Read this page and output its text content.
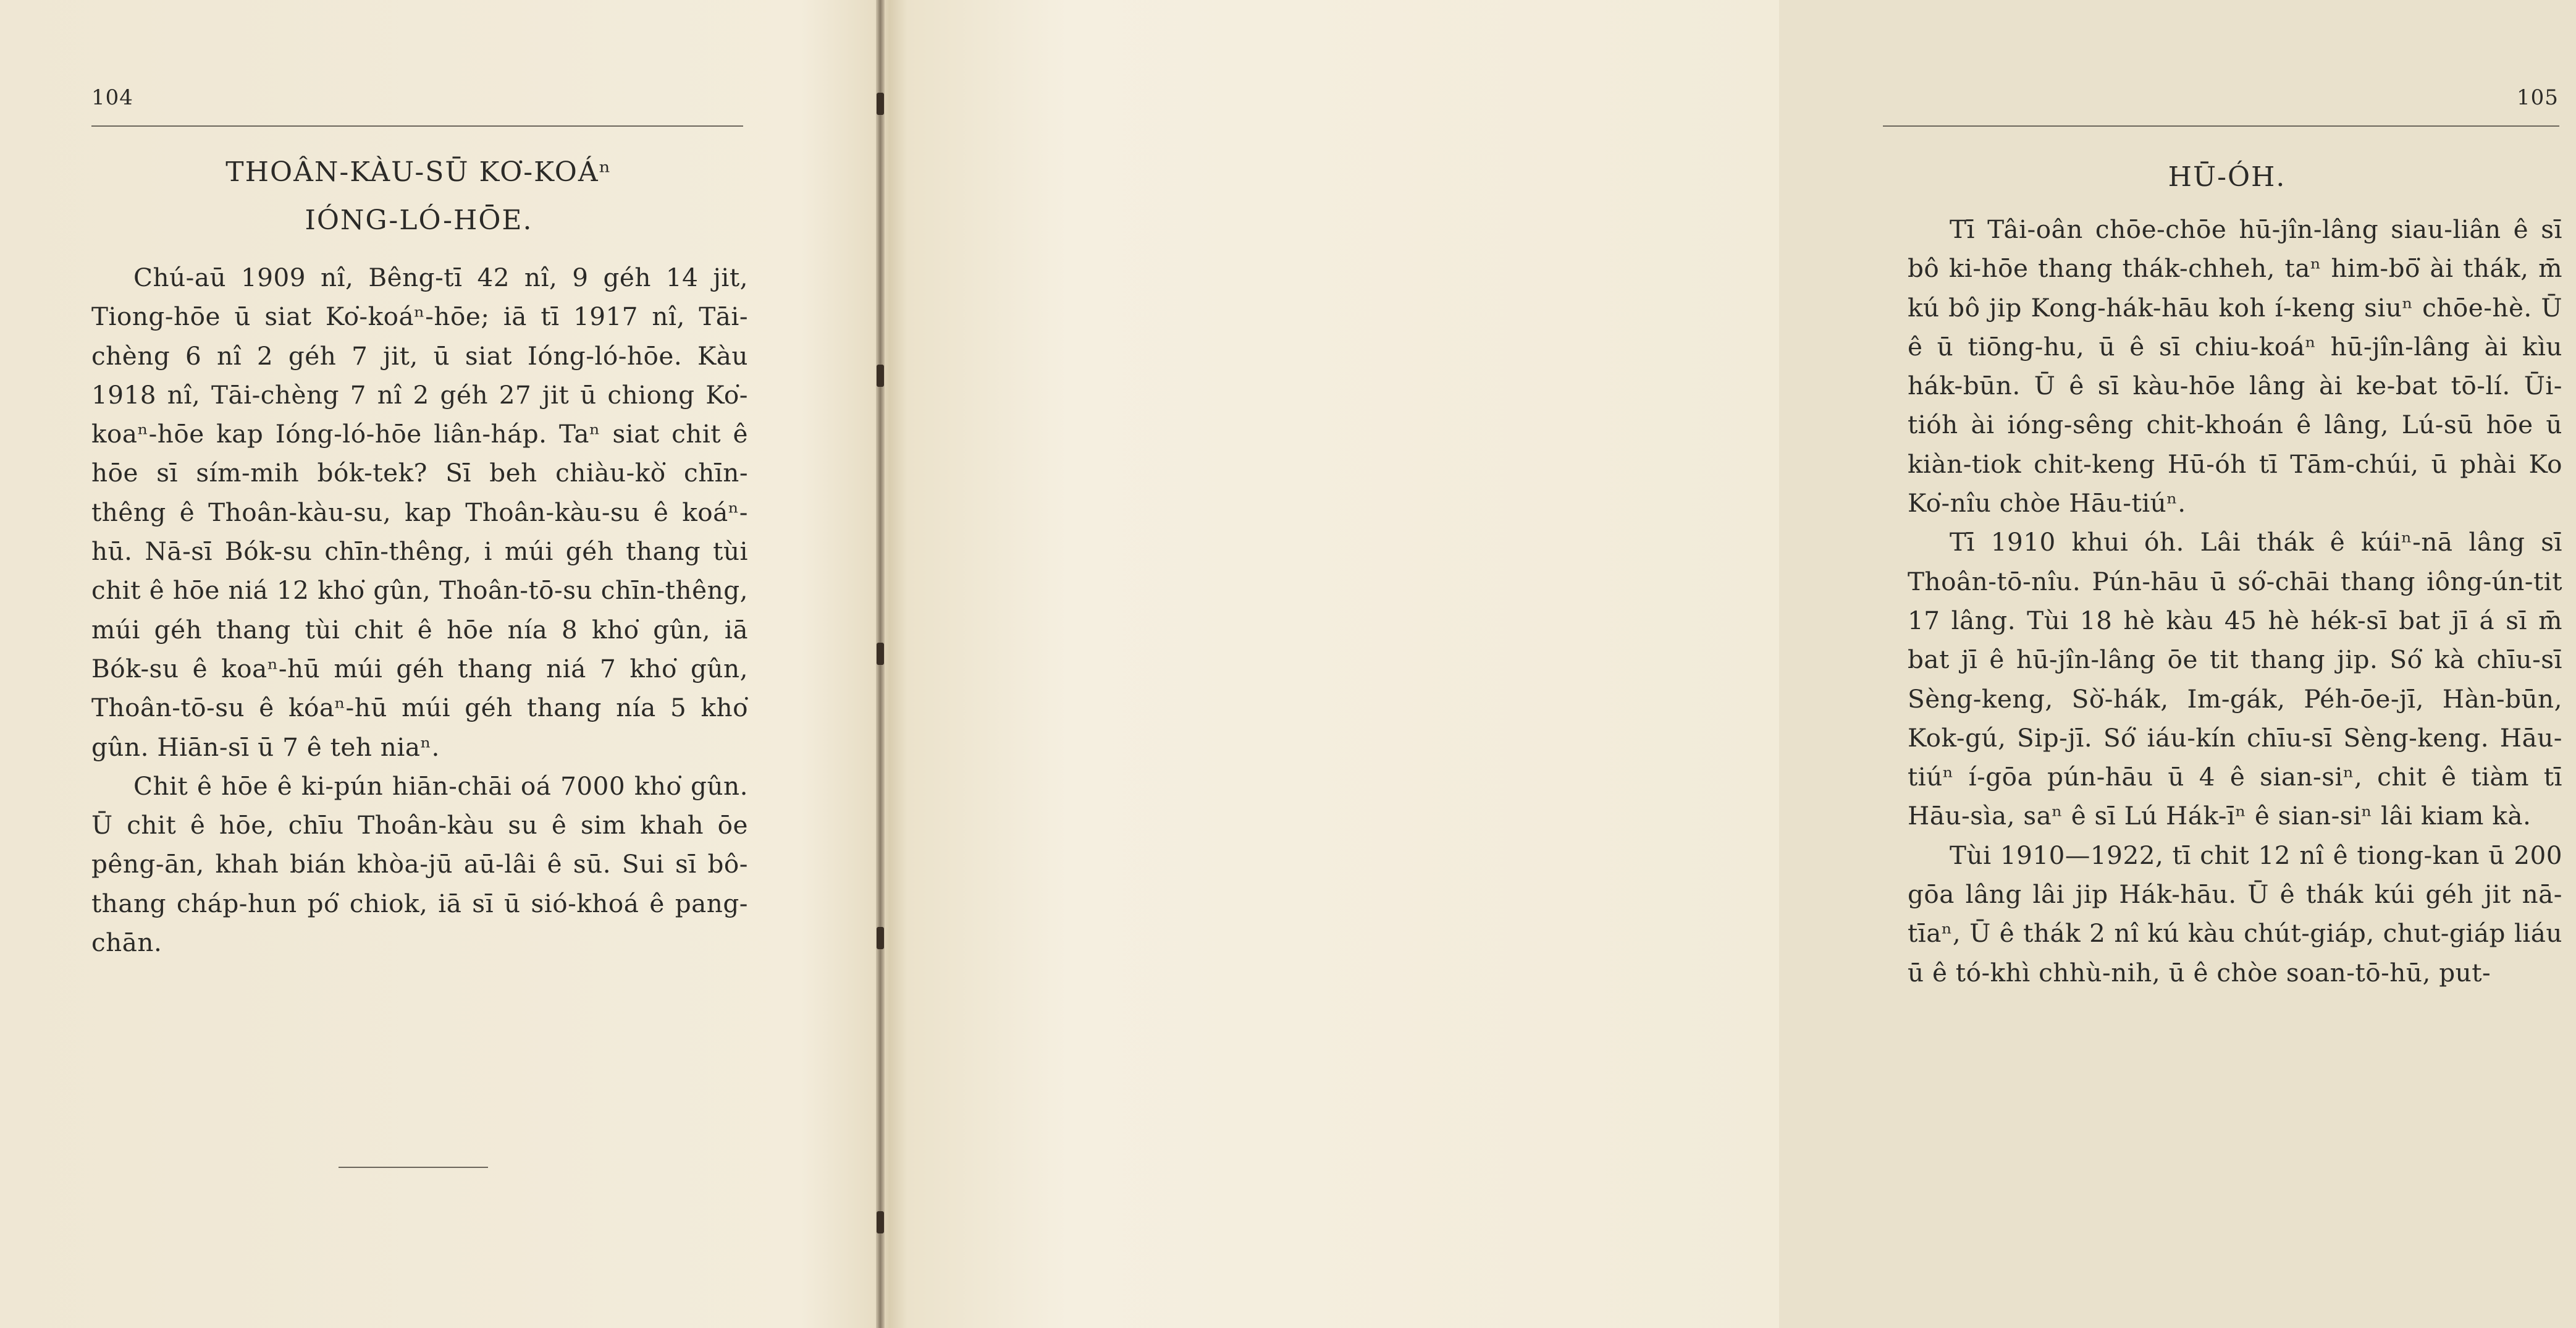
104
THOÂN-KÀU-SŪ KO͘-KOÁⁿ
IÓNG-LÓ-HŌE.

Chú-aū 1909 nî, Bêng-tī 42 nî, 9 géh 14 jit, Tiong-hōe ū siat Ko͘-koáⁿ-hōe; iā tī 1917 nî, Tāi-chèng 6 nî 2 géh 7 jit, ū siat Ióng-ló-hōe. Kàu 1918 nî, Tāi-chèng 7 nî 2 géh 27 jit ū chiong Ko͘-koaⁿ-hōe kap Ióng-ló-hōe liân-háp. Taⁿ siat chit ê hōe sī sím-mih bók-tek? Sī beh chiàu-kò͘ chīn-thêng ê Thoân-kàu-su, kap Thoân-kàu-su ê koáⁿ-hū. Nā-sī Bók-su chīn-thêng, i múi géh thang tùi chit ê hōe niá 12 kho͘ gûn, Thoân-tō-su chīn-thêng, múi géh thang tùi chit ê hōe nía 8 kho͘ gûn, iā Bók-su ê koaⁿ-hū múi géh thang niá 7 kho͘ gûn, Thoân-tō-su ê kóaⁿ-hū múi géh thang nía 5 kho͘ gûn. Hiān-sī ū 7 ê teh niaⁿ.

Chit ê hōe ê ki-pún hiān-chāi oá 7000 kho͘ gûn. Ū chit ê hōe, chīu Thoân-kàu su ê sim khah ōe pêng-ān, khah bián khòa-jū aū-lâi ê sū. Sui sī bô-thang cháp-hun pó͘ chiok, iā sī ū sió-khoá ê pang-chān.

105
HŪ-ÓH.

Tī Tâi-oân chōe-chōe hū-jîn-lâng siau-liân ê sī bô ki-hōe thang thák-chheh, taⁿ him-bō͘ ài thák, m̄ kú bô jip Kong-hák-hāu koh í-keng siuⁿ chōe-hè. Ū ê ū tiōng-hu, ū ê sī chiu-koáⁿ hū-jîn-lâng ài kìu hák-būn. Ū ê sī kàu-hōe lâng ài ke-bat tō-lí. Ūi-tióh ài ióng-sêng chit-khoán ê lâng, Lú-sū hōe ū kiàn-tiok chit-keng Hū-óh tī Tām-chúi, ū phài Ko Ko͘-nîu chòe Hāu-tiúⁿ.

Tī 1910 khui óh. Lâi thák ê kúiⁿ-nā lâng sī Thoân-tō-nîu. Pún-hāu ū só͘-chāi thang iông-ún-tit 17 lâng. Tùi 18 hè kàu 45 hè hék-sī bat jī á sī m̄ bat jī ê hū-jîn-lâng ōe tit thang jip. Só͘ kà chīu-sī Sèng-keng, Sò͘-hák, Im-gák, Péh-ōe-jī, Hàn-būn, Kok-gú, Sip-jī. Só͘ iáu-kín chīu-sī Sèng-keng. Hāu-tiúⁿ í-gōa pún-hāu ū 4 ê sian-siⁿ, chit ê tiàm tī Hāu-sìa, saⁿ ê sī Lú Hák-īⁿ ê sian-siⁿ lâi kiam kà.

Tùi 1910—1922, tī chit 12 nî ê tiong-kan ū 200 gōa lâng lâi jip Hák-hāu. Ū ê thák kúi géh jit nā-tīaⁿ, Ū ê thák 2 nî kú kàu chút-giáp, chut-giáp liáu ū ê tó-khì chhù-nih, ū ê chòe soan-tō-hū, put-
